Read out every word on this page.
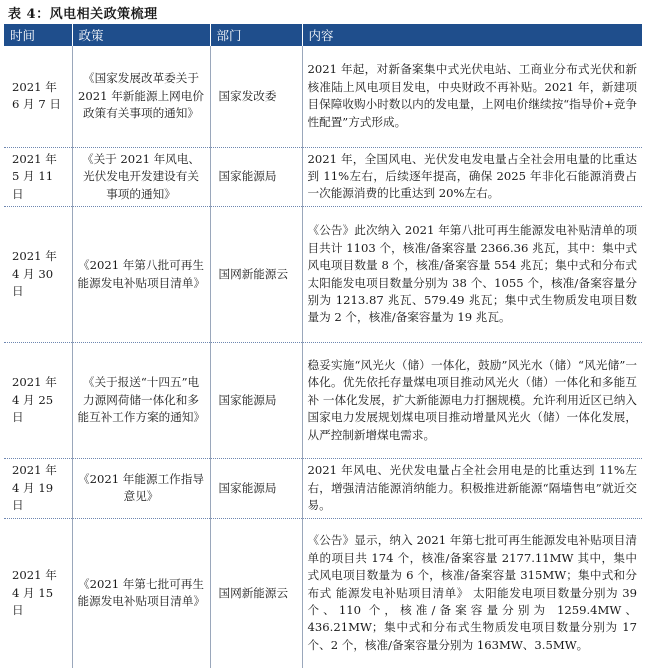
表 4：风电相关政策梳理
时间	政策	部门	内容
2021 年 6 月 7 日	《国家发展改革委关于 2021 年新能源上网电价政策有关事项的通知》	国家发改委	2021 年起，对新备案集中式光伏电站、工商业分布式光伏和新核准陆上风电项目发电，中央财政不再补贴。2021 年，新建项目保障收购小时数以内的发电量，上网电价继续按“指导价+竞争性配置”方式形成。
2021 年 5 月 11 日	《关于 2021 年风电、光伏发电开发建设有关事项的通知》	国家能源局	2021 年，全国风电、光伏发电发电量占全社会用电量的比重达到 11%左右，后续逐年提高，确保 2025 年非化石能源消费占一次能源消费的比重达到 20%左右。
2021 年 4 月 30 日	《2021 年第八批可再生能源发电补贴项目清单》	国网新能源云	《公告》此次纳入 2021 年第八批可再生能源发电补贴清单的项目共计 1103 个，核准/备案容量 2366.36 兆瓦，其中：集中式风电项目数量 8 个，核准/备案容量 554 兆瓦；集中式和分布式太阳能发电项目数量分别为 38 个、1055 个，核准/备案容量分别为 1213.87 兆瓦、579.49 兆瓦；集中式生物质发电项目数量为 2 个，核准/备案容量为 19 兆瓦。
2021 年 4 月 25 日	《关于报送“十四五”电力源网荷储一体化和多能互补工作方案的通知》	国家能源局	稳妥实施“风光火（储）一体化，鼓励”风光水（储）“风光储”一体化。优先依托存量煤电项目推动风光火（储）一体化和多能互补 一体化发展，扩大新能源电力打捆规模。允许利用近区已纳入国家电力发展规划煤电项目推动增量风光火（储）一体化发展，从严控制新增煤电需求。
2021 年 4 月 19 日	《2021 年能源工作指导意见》	国家能源局	2021 年风电、光伏发电量占全社会用电是的比重达到 11%左右，增强清洁能源消纳能力。积极推进新能源“隔墙售电”就近交易。
2021 年 4 月 15 日	《2021 年第七批可再生能源发电补贴项目清单》	国网新能源云	《公告》显示，纳入 2021 年第七批可再生能源发电补贴项目清单的项目共 174 个，核准/备案容量 2177.11MW 其中，集中式风电项目数量为 6 个，核准/备案容量 315MW；集中式和分布式 能源发电补贴项目清单》 太阳能发电项目数量分别为 39 个、110 个，核准/备案容量分别为 1259.4MW、436.21MW；集中式和分布式生物质发电项目数量分别为 17 个、2 个，核准/备案容量分别为 163MW、3.5MW。
